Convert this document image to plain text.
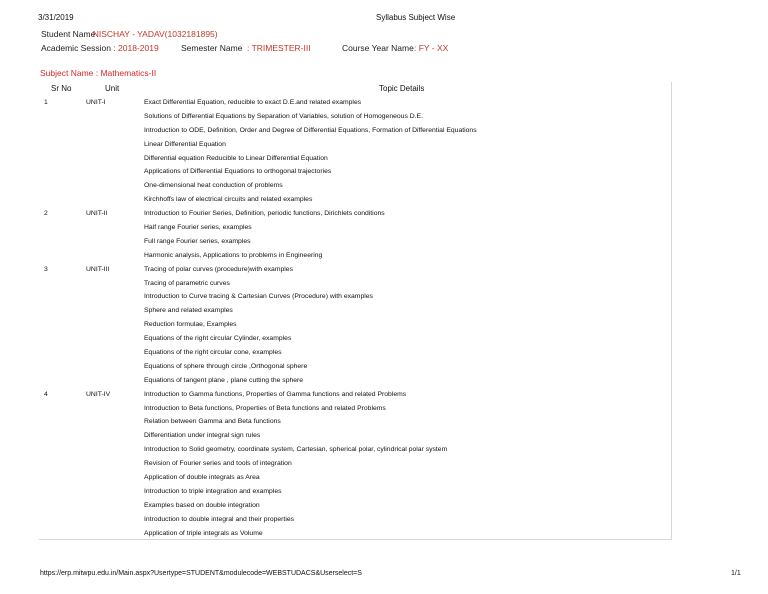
3/31/2019	Syllabus Subject Wise
Student Name
: NISCHAY - YADAV(1032181895)
Academic Session : 2018-2019	Semester Name : TRIMESTER-III	Course Year Name : FY - XX
Subject Name : Mathematics-II
Sr No	Unit	Topic Details
1	UNIT-I	Exact Differential Equation, reducible to exact D.E.and related examples
Solutions of Differential Equations by Separation of Variables, solution of Homogeneous D.E.
Introduction to ODE, Definition, Order and Degree of Differential Equations, Formation of Differential Equations
Linear Differential Equation
Differential equation Reducible to Linear Differential Equation
Applications of Differential Equations to orthogonal trajectories
One-dimensional heat conduction of problems
Kirchhoffs law of electrical circuits and related examples
2	UNIT-II	Introduction to Fourier Series, Definition, periodic functions, Dirichlets conditions
Half range Fourier series, examples
Full range Fourier series, examples
Harmonic analysis, Applications to problems in Engineering
3	UNIT-III	Tracing of polar curves (procedure)with examples
Tracing of parametric curves
Introduction to Curve tracing & Cartesian Curves (Procedure) with examples
Sphere and related examples
Reduction formulae, Examples
Equations of the right circular Cylinder, examples
Equations of the right circular cone, examples
Equations of sphere through circle ,Orthogonal sphere
Equations of tangent plane , plane cutting the sphere
4	UNIT-IV	Introduction to Gamma functions, Properties of Gamma functions and related Problems
Introduction to Beta functions, Properties of Beta functions and related Problems
Relation between Gamma and Beta functions
Differentiation under integral sign rules
Introduction to Solid geometry, coordinate system, Cartesian, spherical polar, cylindrical polar system
Revision of Fourier series and tools of integration
Application of double integrals as Area
Introduction to triple integration and examples
Examples based on double integration
Introduction to double integral and their properties
Application of triple integrals as Volume
https://erp.mitwpu.edu.in/Main.aspx?Usertype=STUDENT&modulecode=WEBSTUDACS&Userselect=S	1/1
